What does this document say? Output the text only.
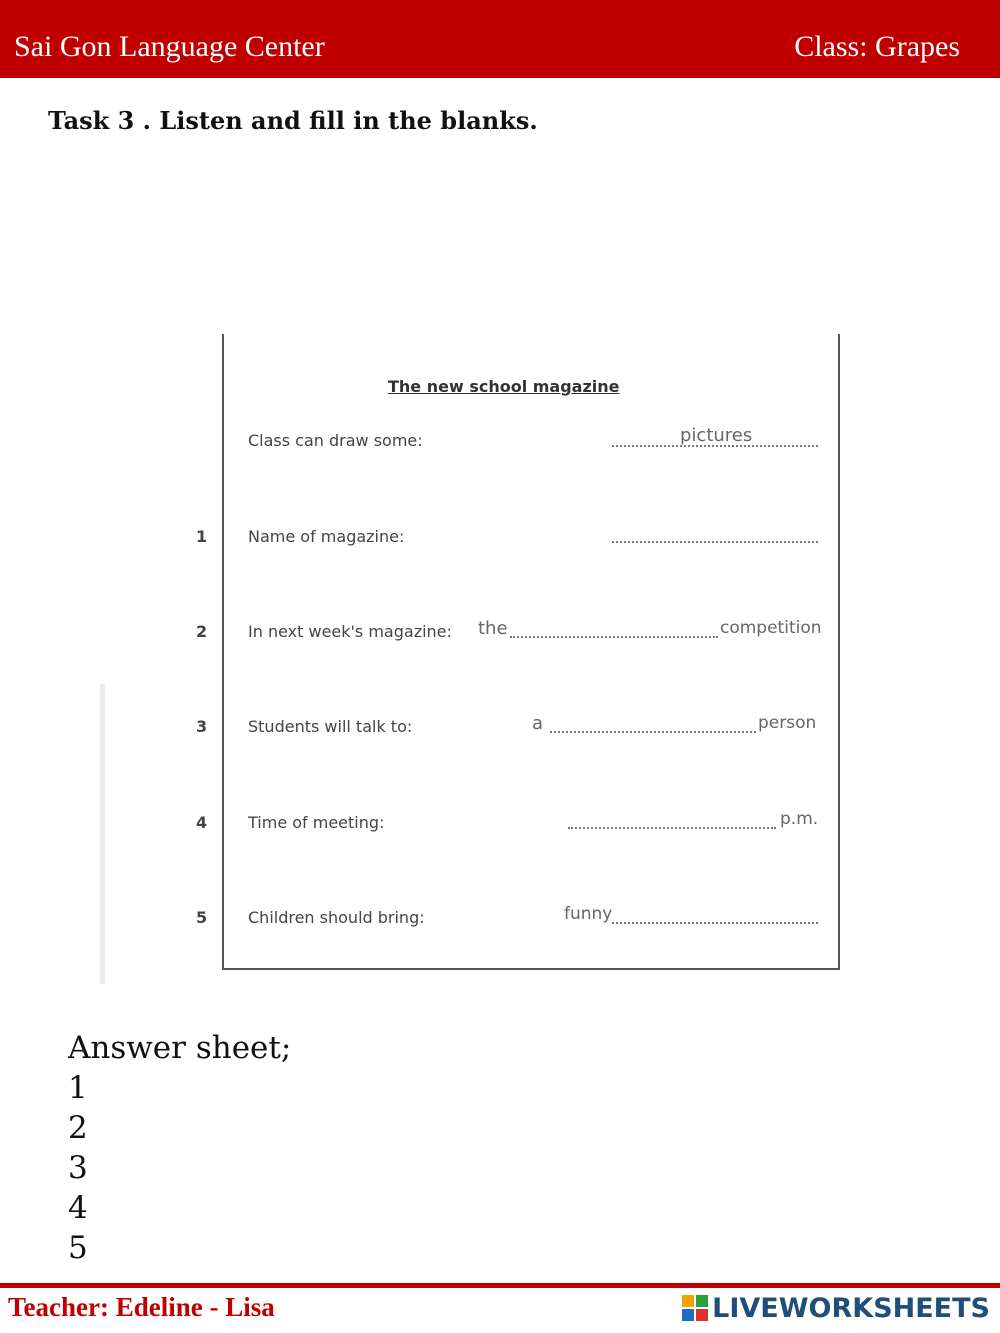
Sai Gon Language Center	Class: Grapes
Task 3 . Listen and fill in the blanks.
The new school magazine
Class can draw some:	pictures
1	Name of magazine:
2	In next week's magazine: the	competition
3	Students will talk to:	a	person
4	Time of meeting:	p.m.
5	Children should bring:	funny
Answer sheet;
1
2
3
4
5
Teacher: Edeline - Lisa	LIVEWORKSHEETS
